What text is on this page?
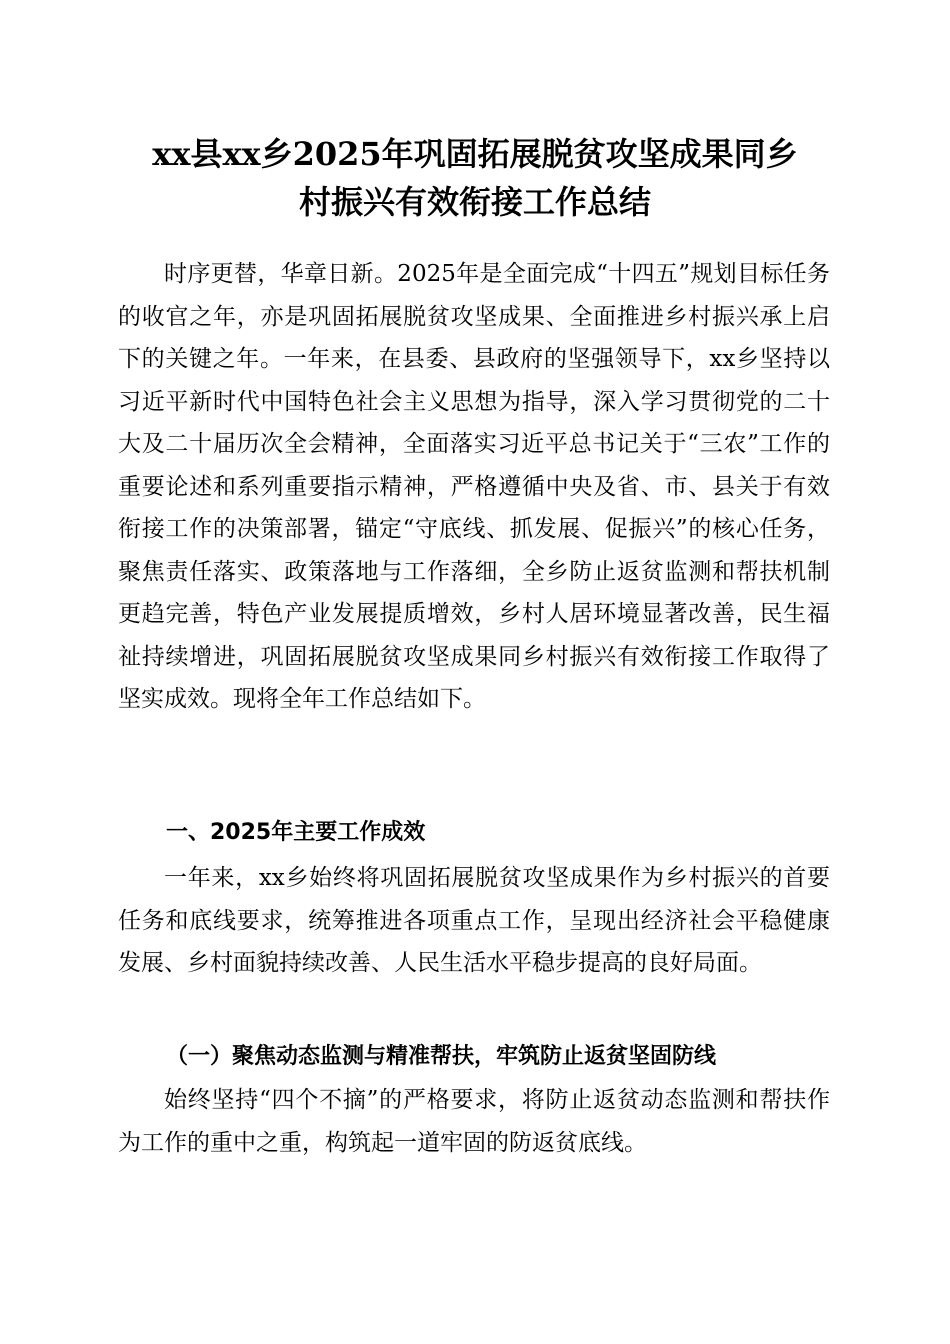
xx县xx乡2025年巩固拓展脱贫攻坚成果同乡
村振兴有效衔接工作总结

时序更替，华章日新。2025年是全面完成“十四五”规划目标任务的收官之年，亦是巩固拓展脱贫攻坚成果、全面推进乡村振兴承上启下的关键之年。一年来，在县委、县政府的坚强领导下，xx乡坚持以习近平新时代中国特色社会主义思想为指导，深入学习贯彻党的二十大及二十届历次全会精神，全面落实习近平总书记关于“三农”工作的重要论述和系列重要指示精神，严格遵循中央及省、市、县关于有效衔接工作的决策部署，锚定“守底线、抓发展、促振兴”的核心任务，聚焦责任落实、政策落地与工作落细，全乡防止返贫监测和帮扶机制更趋完善，特色产业发展提质增效，乡村人居环境显著改善，民生福祉持续增进，巩固拓展脱贫攻坚成果同乡村振兴有效衔接工作取得了坚实成效。现将全年工作总结如下。

一、2025年主要工作成效

一年来，xx乡始终将巩固拓展脱贫攻坚成果作为乡村振兴的首要任务和底线要求，统筹推进各项重点工作，呈现出经济社会平稳健康发展、乡村面貌持续改善、人民生活水平稳步提高的良好局面。

（一）聚焦动态监测与精准帮扶，牢筑防止返贫坚固防线

始终坚持“四个不摘”的严格要求，将防止返贫动态监测和帮扶作为工作的重中之重，构筑起一道牢固的防返贫底线。
